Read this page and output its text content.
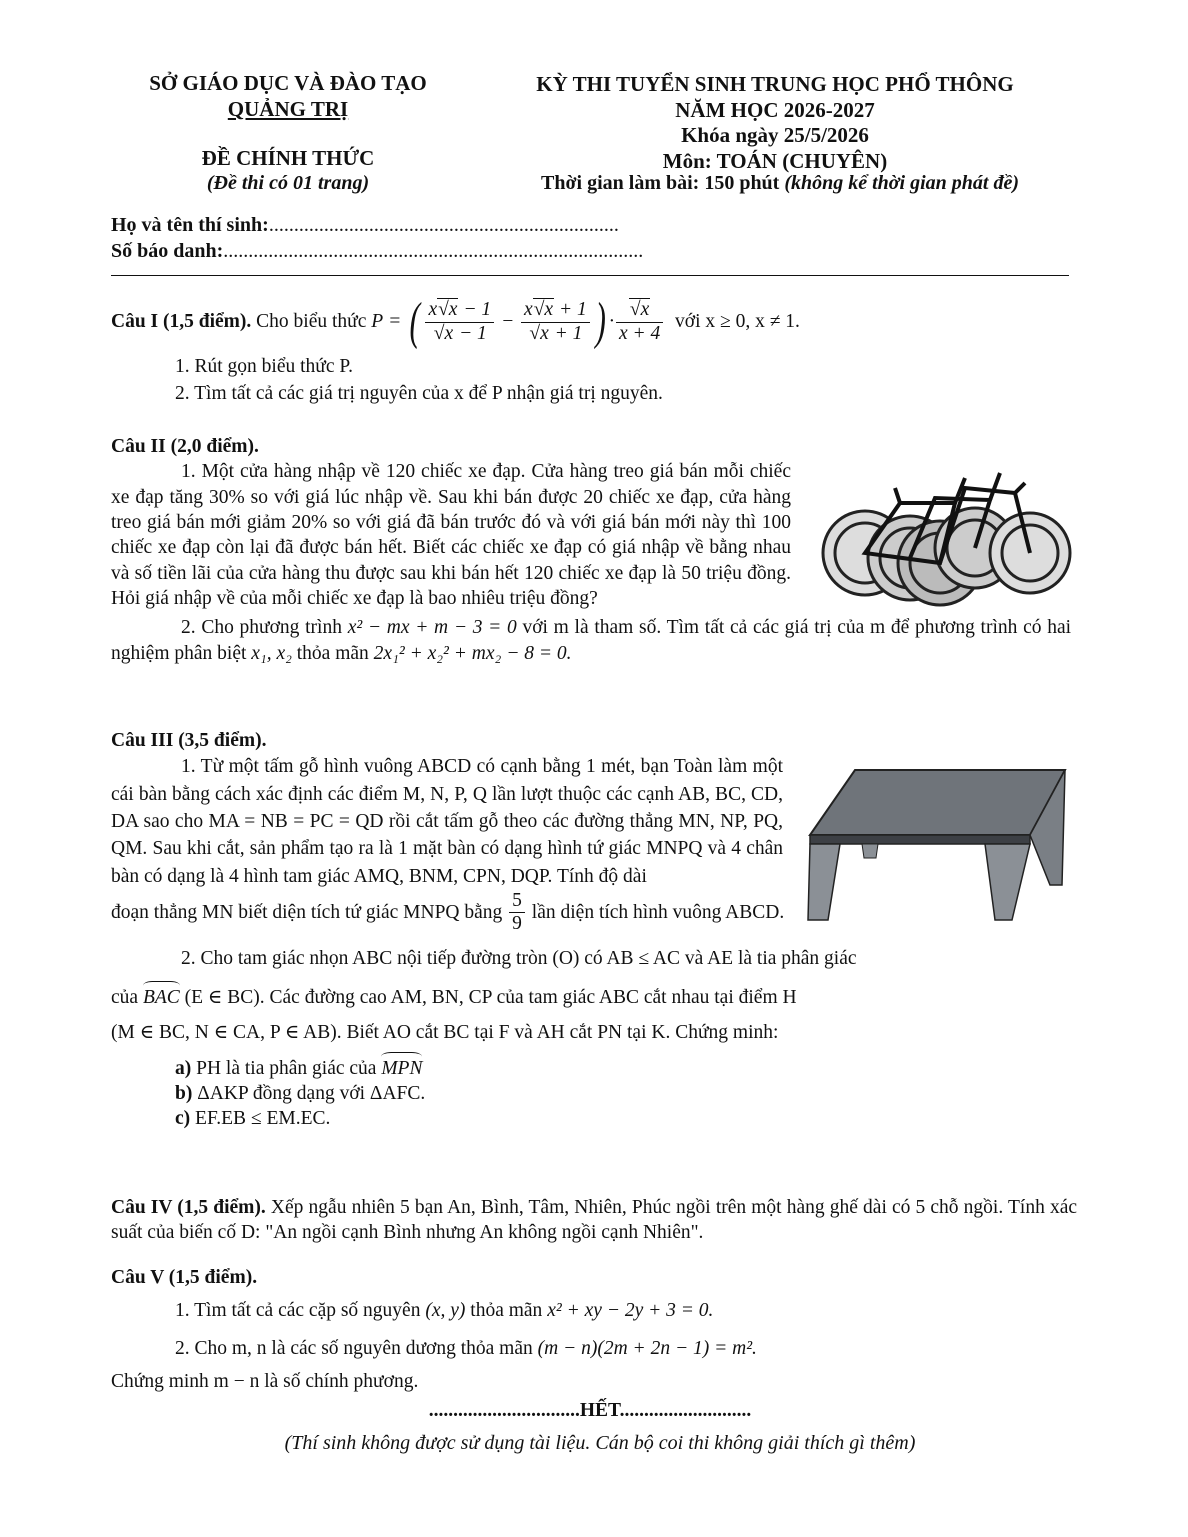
SỞ GIÁO DỤC VÀ ĐÀO TẠO
QUẢNG TRỊ
ĐỀ CHÍNH THỨC
(Đề thi có 01 trang)
KỲ THI TUYỂN SINH TRUNG HỌC PHỔ THÔNG
NĂM HỌC 2026-2027
Khóa ngày 25/5/2026
Môn: TOÁN (CHUYÊN)
Thời gian làm bài: 150 phút (không kể thời gian phát đề)
Họ và tên thí sinh:......................................................................
Số báo danh:....................................................................................
Câu I (1,5 điểm).
Cho biểu thức
P = ( $\frac{x√x - 1}{√x - 1} - \frac{x√x + 1}{√x + 1}$ ) · $\frac{√x}{x + 4}$
với x ≥ 0, x ≠ 1.
1. Rút gọn biểu thức P.
2. Tìm tất cả các giá trị nguyên của x để P nhận giá trị nguyên.
Câu II (2,0 điểm).
1. Một cửa hàng nhập về 120 chiếc xe đạp. Cửa hàng treo giá bán mỗi chiếc xe đạp tăng 30% so với giá lúc nhập về. Sau khi bán được 20 chiếc xe đạp, cửa hàng treo giá bán mới giảm 20% so với giá đã bán trước đó và với giá bán mới này thì 100 chiếc xe đạp còn lại đã được bán hết. Biết các chiếc xe đạp có giá nhập về bằng nhau và số tiền lãi của cửa hàng thu được sau khi bán hết 120 chiếc xe đạp là 50 triệu đồng. Hỏi giá nhập về của mỗi chiếc xe đạp là bao nhiêu triệu đồng?
2. Cho phương trình x² − mx + m − 3 = 0 với m là tham số. Tìm tất cả các giá trị của m để phương trình có hai nghiệm phân biệt x₁, x₂ thỏa mãn 2x₁² + x₂² + mx₂ − 8 = 0.
Câu III (3,5 điểm).
1. Từ một tấm gỗ hình vuông ABCD có cạnh bằng 1 mét, bạn Toàn làm một cái bàn bằng cách xác định các điểm M, N, P, Q lần lượt thuộc các cạnh AB, BC, CD, DA sao cho MA = NB = PC = QD rồi cắt tấm gỗ theo các đường thẳng MN, NP, PQ, QM. Sau khi cắt, sản phẩm tạo ra là 1 mặt bàn có dạng hình tứ giác MNPQ và 4 chân bàn có dạng là 4 hình tam giác AMQ, BNM, CPN, DQP. Tính độ dài
đoạn thẳng MN biết diện tích tứ giác MNPQ bằng
$\frac{5}{9}$
lần diện tích hình vuông ABCD.
2. Cho tam giác nhọn ABC nội tiếp đường tròn (O) có AB ≤ AC và AE là tia phân giác
của BAC (E ∈ BC). Các đường cao AM, BN, CP của tam giác ABC cắt nhau tại điểm H
(M ∈ BC, N ∈ CA, P ∈ AB). Biết AO cắt BC tại F và AH cắt PN tại K. Chứng minh:
a) PH là tia phân giác của MPN
b) ΔAKP đồng dạng với ΔAFC.
c) EF.EB ≤ EM.EC.
Câu IV (1,5 điểm). Xếp ngẫu nhiên 5 bạn An, Bình, Tâm, Nhiên, Phúc ngồi trên một hàng ghế dài có 5 chỗ ngồi. Tính xác suất của biến cố D: "An ngồi cạnh Bình nhưng An không ngồi cạnh Nhiên".
Câu V (1,5 điểm).
1. Tìm tất cả các cặp số nguyên (x, y) thỏa mãn x² + xy − 2y + 3 = 0.
2. Cho m, n là các số nguyên dương thỏa mãn (m − n)(2m + 2n − 1) = m².
Chứng minh m − n là số chính phương.
...............................HẾT...........................
(Thí sinh không được sử dụng tài liệu. Cán bộ coi thi không giải thích gì thêm)
